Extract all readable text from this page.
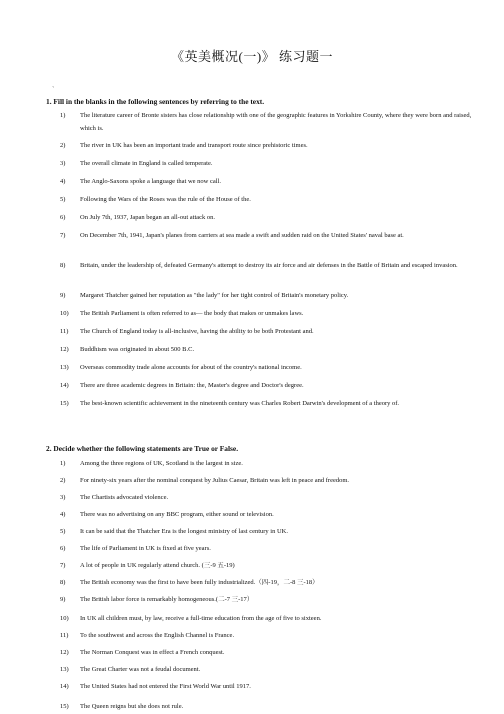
《英美概况(一)》 练习题一
、
1. Fill in the blanks in the following sentences by referring to the text.
1) The literature career of Bronte sisters has close relationship with one of the geographic features in Yorkshire County, where they were born and raised, which is.
2) The river in UK has been an important trade and transport route since prehistoric times.
3) The overall climate in England is called temperate.
4) The Anglo-Saxons spoke a language that we now call.
5) Following the Wars of the Roses was the rule of the House of the.
6) On July 7th, 1937, Japan began an all-out attack on.
7) On December 7th, 1941, Japan's planes from carriers at sea made a swift and sudden raid on the United States' naval base at.
8) Britain, under the leadership of, defeated Germany's attempt to destroy its air force and air defenses in the Battle of Britain and escaped invasion.
9) Margaret Thatcher gained her reputation as "the lady" for her tight control of Britain's monetary policy.
10) The British Parliament is often referred to as— the body that makes or unmakes laws.
11) The Church of England today is all-inclusive, having the ability to be both Protestant and.
12) Buddhism was originated in about 500 B.C.
13) Overseas commodity trade alone accounts for about of the country's national income.
14) There are three academic degrees in Britain: the, Master's degree and Doctor's degree.
15) The best-known scientific achievement in the nineteenth century was Charles Robert Darwin's development of a theory of.
2. Decide whether the following statements are True or False.
1) Among the three regions of UK, Scotland is the largest in size.
2) For ninety-six years after the nominal conquest by Julius Caesar, Britain was left in peace and freedom.
3) The Chartists advocated violence.
4) There was no advertising on any BBC program, either sound or television.
5) It can be said that the Thatcher Era is the longest ministry of last century in UK.
6) The life of Parliament in UK is fixed at five years.
7) A lot of people in UK regularly attend church. (三-9 五-19)
8) The British economy was the first to have been fully industrialized.（四-19，二-8 三-18）
9) The British labor force is remarkably homogeneous.(二-7 三-17）
10) In UK all children must, by law, receive a full-time education from the age of five to sixteen.
11) To the southwest and across the English Channel is France.
12) The Norman Conquest was in effect a French conquest.
13) The Great Charter was not a feudal document.
14) The United States had not entered the First World War until 1917.
15) The Queen reigns but she does not rule.
